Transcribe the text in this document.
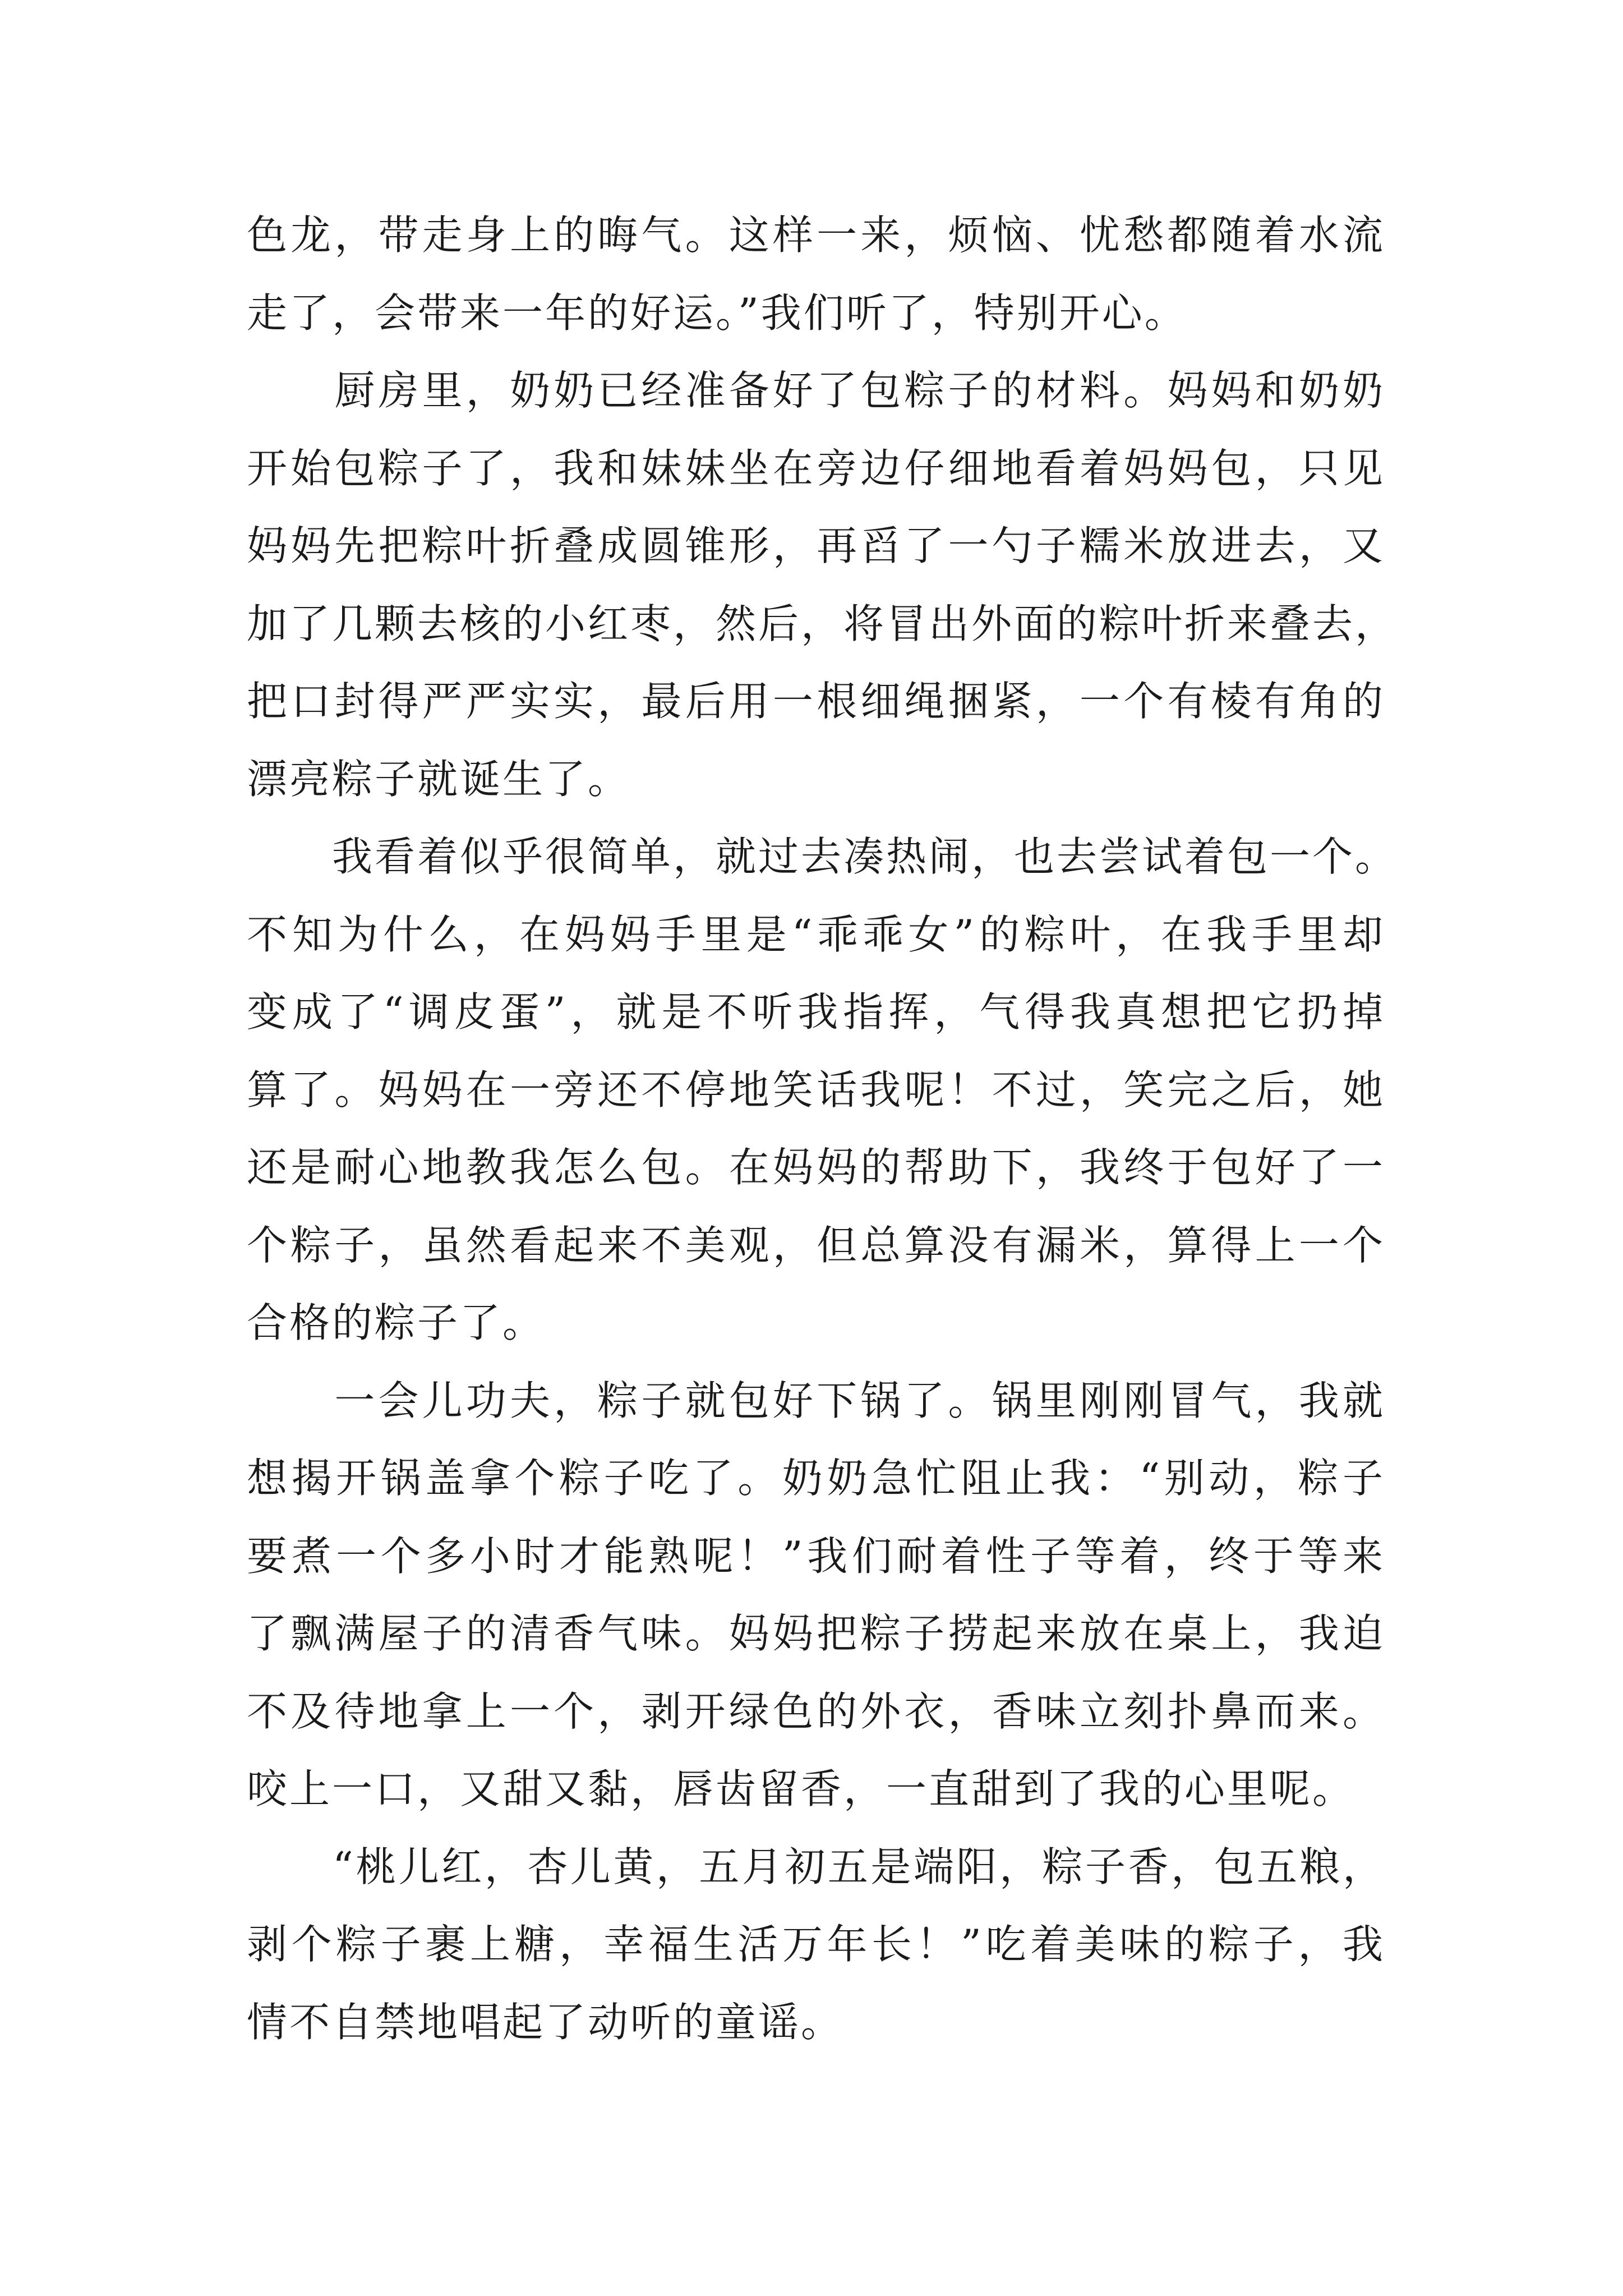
色龙，带走身上的晦气。这样一来，烦恼、忧愁都随着水流
走了，会带来一年的好运。”我们听了，特别开心。
　　厨房里，奶奶已经准备好了包粽子的材料。妈妈和奶奶
开始包粽子了，我和妹妹坐在旁边仔细地看着妈妈包，只见
妈妈先把粽叶折叠成圆锥形，再舀了一勺子糯米放进去，又
加了几颗去核的小红枣，然后，将冒出外面的粽叶折来叠去，
把口封得严严实实，最后用一根细绳捆紧，一个有棱有角的
漂亮粽子就诞生了。
　　我看着似乎很简单，就过去凑热闹，也去尝试着包一个。
不知为什么，在妈妈手里是“乖乖女”的粽叶，在我手里却
变成了“调皮蛋”，就是不听我指挥，气得我真想把它扔掉
算了。妈妈在一旁还不停地笑话我呢！不过，笑完之后，她
还是耐心地教我怎么包。在妈妈的帮助下，我终于包好了一
个粽子，虽然看起来不美观，但总算没有漏米，算得上一个
合格的粽子了。
　　一会儿功夫，粽子就包好下锅了。锅里刚刚冒气，我就
想揭开锅盖拿个粽子吃了。奶奶急忙阻止我：“别动，粽子
要煮一个多小时才能熟呢！”我们耐着性子等着，终于等来
了飘满屋子的清香气味。妈妈把粽子捞起来放在桌上，我迫
不及待地拿上一个，剥开绿色的外衣，香味立刻扑鼻而来。
咬上一口，又甜又黏，唇齿留香，一直甜到了我的心里呢。
　　“桃儿红，杏儿黄，五月初五是端阳，粽子香，包五粮，
剥个粽子裹上糖，幸福生活万年长！”吃着美味的粽子，我
情不自禁地唱起了动听的童谣。
